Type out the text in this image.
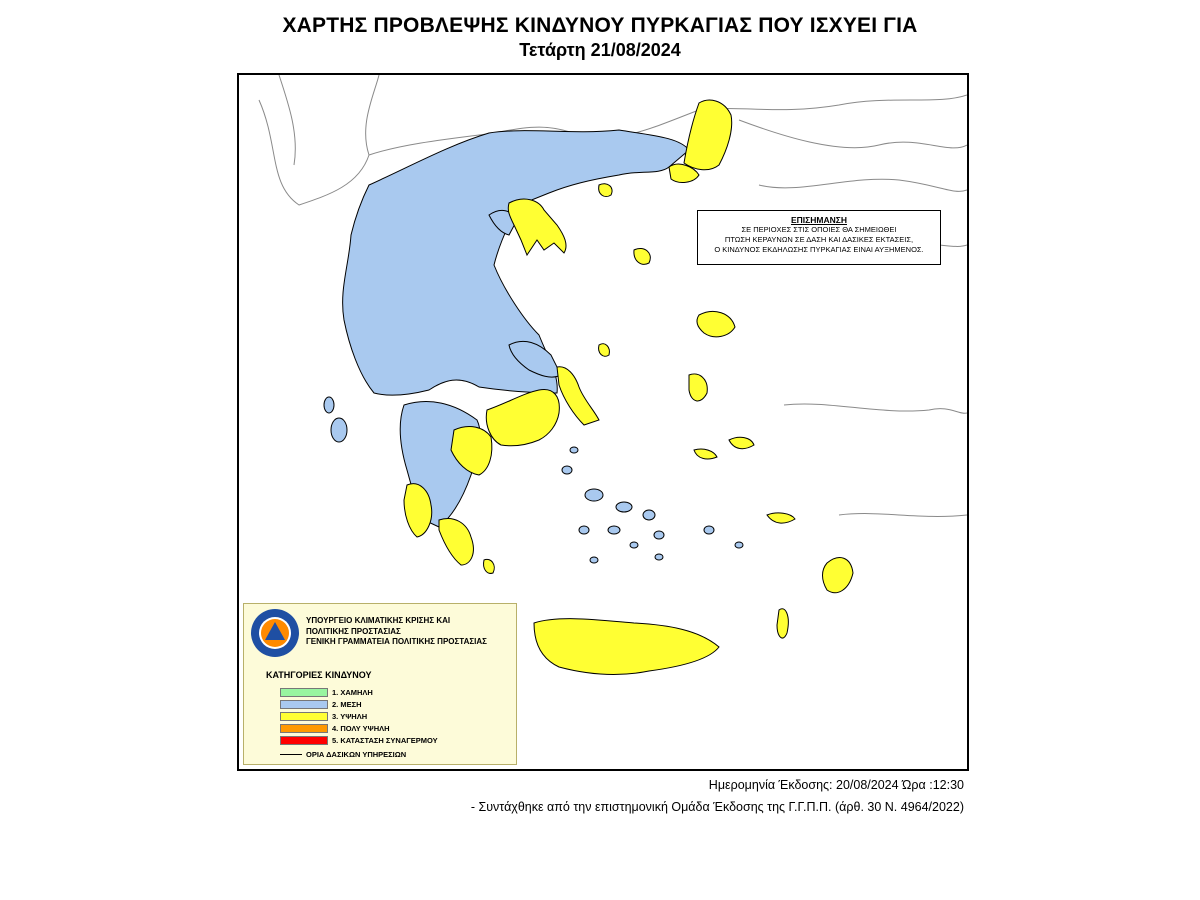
ΧΑΡΤΗΣ ΠΡΟΒΛΕΨΗΣ ΚΙΝΔΥΝΟΥ ΠΥΡΚΑΓΙΑΣ ΠΟΥ ΙΣΧΥΕΙ ΓΙΑ
Τετάρτη 21/08/2024
ΕΠΙΣΗΜΑΝΣΗ
ΣΕ ΠΕΡΙΟΧΕΣ ΣΤΙΣ ΟΠΟΙΕΣ ΘΑ ΣΗΜΕΙΩΘΕΙ
ΠΤΩΣΗ ΚΕΡΑΥΝΩΝ ΣΕ ΔΑΣΗ ΚΑΙ ΔΑΣΙΚΕΣ ΕΚΤΑΣΕΙΣ,
Ο ΚΙΝΔΥΝΟΣ ΕΚΔΗΛΩΣΗΣ ΠΥΡΚΑΓΙΑΣ ΕΙΝΑΙ ΑΥΞΗΜΕΝΟΣ.
ΥΠΟΥΡΓΕΙΟ ΚΛΙΜΑΤΙΚΗΣ ΚΡΙΣΗΣ ΚΑΙ
ΠΟΛΙΤΙΚΗΣ ΠΡΟΣΤΑΣΙΑΣ
ΓΕΝΙΚΗ ΓΡΑΜΜΑΤΕΙΑ ΠΟΛΙΤΙΚΗΣ ΠΡΟΣΤΑΣΙΑΣ
ΚΑΤΗΓΟΡΙΕΣ ΚΙΝΔΥΝΟΥ
1. ΧΑΜΗΛΗ
2. ΜΕΣΗ
3. ΥΨΗΛΗ
4. ΠΟΛΥ ΥΨΗΛΗ
5. ΚΑΤΑΣΤΑΣΗ ΣΥΝΑΓΕΡΜΟΥ
ΟΡΙΑ ΔΑΣΙΚΩΝ ΥΠΗΡΕΣΙΩΝ
Ημερομηνία Έκδοσης: 20/08/2024 Ώρα :12:30
- Συντάχθηκε από την επιστημονική Ομάδα Έκδοσης της Γ.Γ.Π.Π. (άρθ. 30 Ν. 4964/2022)
